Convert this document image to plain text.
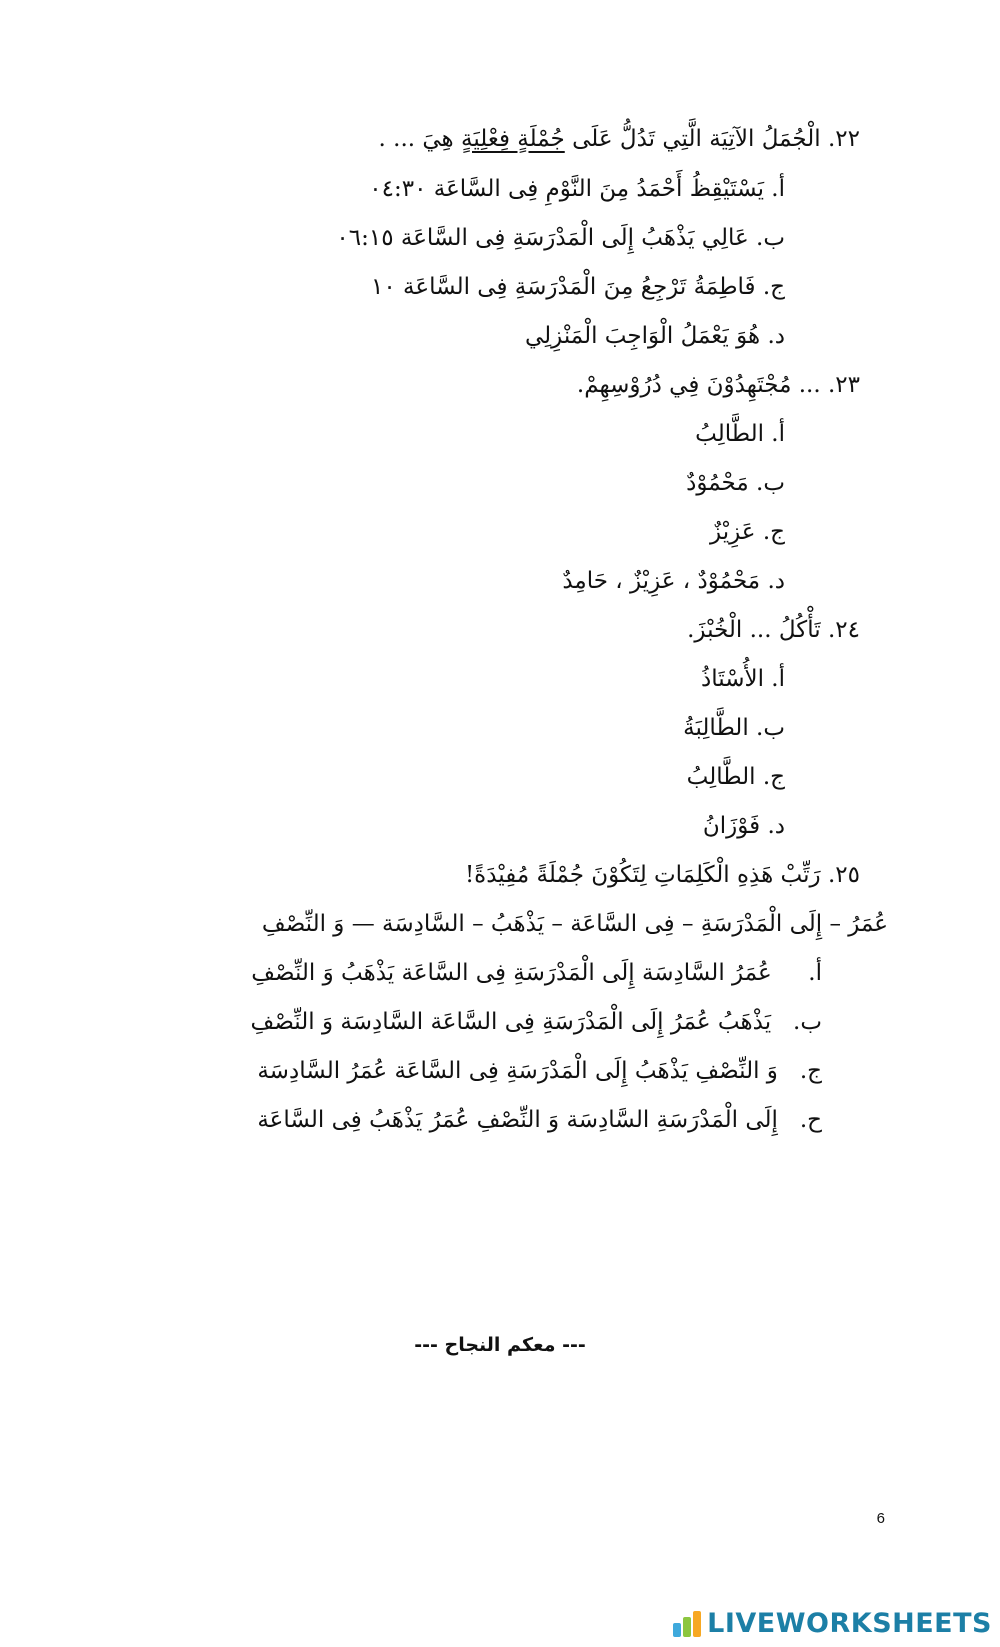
٢٢. الْجُمَلُ الآتِيَة الَّتِي تَدُلُّ عَلَى جُمْلَةٍ فِعْلِيَةٍ هِيَ ... .
أ. يَسْتَيْقِظُ أَحْمَدُ مِنَ النَّوْمِ فِى السَّاعَة ٠٤:٣٠
ب. عَالِي يَذْهَبُ إِلَى الْمَدْرَسَةِ فِى السَّاعَة ٠٦:١٥
ج. فَاطِمَةُ تَرْجِعُ مِنَ الْمَدْرَسَةِ فِى السَّاعَة ١٠
د. هُوَ يَعْمَلُ الْوَاجِبَ الْمَنْزِلِي
٢٣. ... مُجْتَهِدُوْنَ فِي دُرُوْسِهِمْ.
أ. الطَّالِبُ
ب. مَحْمُوْدٌ
ج. عَزِيْزٌ
د. مَحْمُوْدٌ ، عَزِيْزٌ ، حَامِدٌ
٢٤. تَأْكُلُ ... الْخُبْزَ.
أ. الأُسْتَاذُ
ب. الطَّالِبَةُ
ج. الطَّالِبُ
د. فَوْزَانُ
٢٥. رَتِّبْ هَذِهِ الْكَلِمَاتِ لِتَكُوْنَ جُمْلَةً مُفِيْدَةً!
عُمَرُ – إِلَى الْمَدْرَسَةِ – فِى السَّاعَة – يَذْهَبُ – السَّادِسَة — وَ النِّصْفِ
أ.     عُمَرُ السَّادِسَة إِلَى الْمَدْرَسَةِ فِى السَّاعَة يَذْهَبُ وَ النِّصْفِ
ب.   يَذْهَبُ عُمَرُ إِلَى الْمَدْرَسَةِ فِى السَّاعَة السَّادِسَة وَ النِّصْفِ
ج.   وَ النِّصْفِ يَذْهَبُ إِلَى الْمَدْرَسَةِ فِى السَّاعَة عُمَرُ السَّادِسَة
ح.   إِلَى الْمَدْرَسَةِ السَّادِسَة وَ النِّصْفِ عُمَرُ يَذْهَبُ فِى السَّاعَة
--- معكم النجاح ---
6
LIVEWORKSHEETS
